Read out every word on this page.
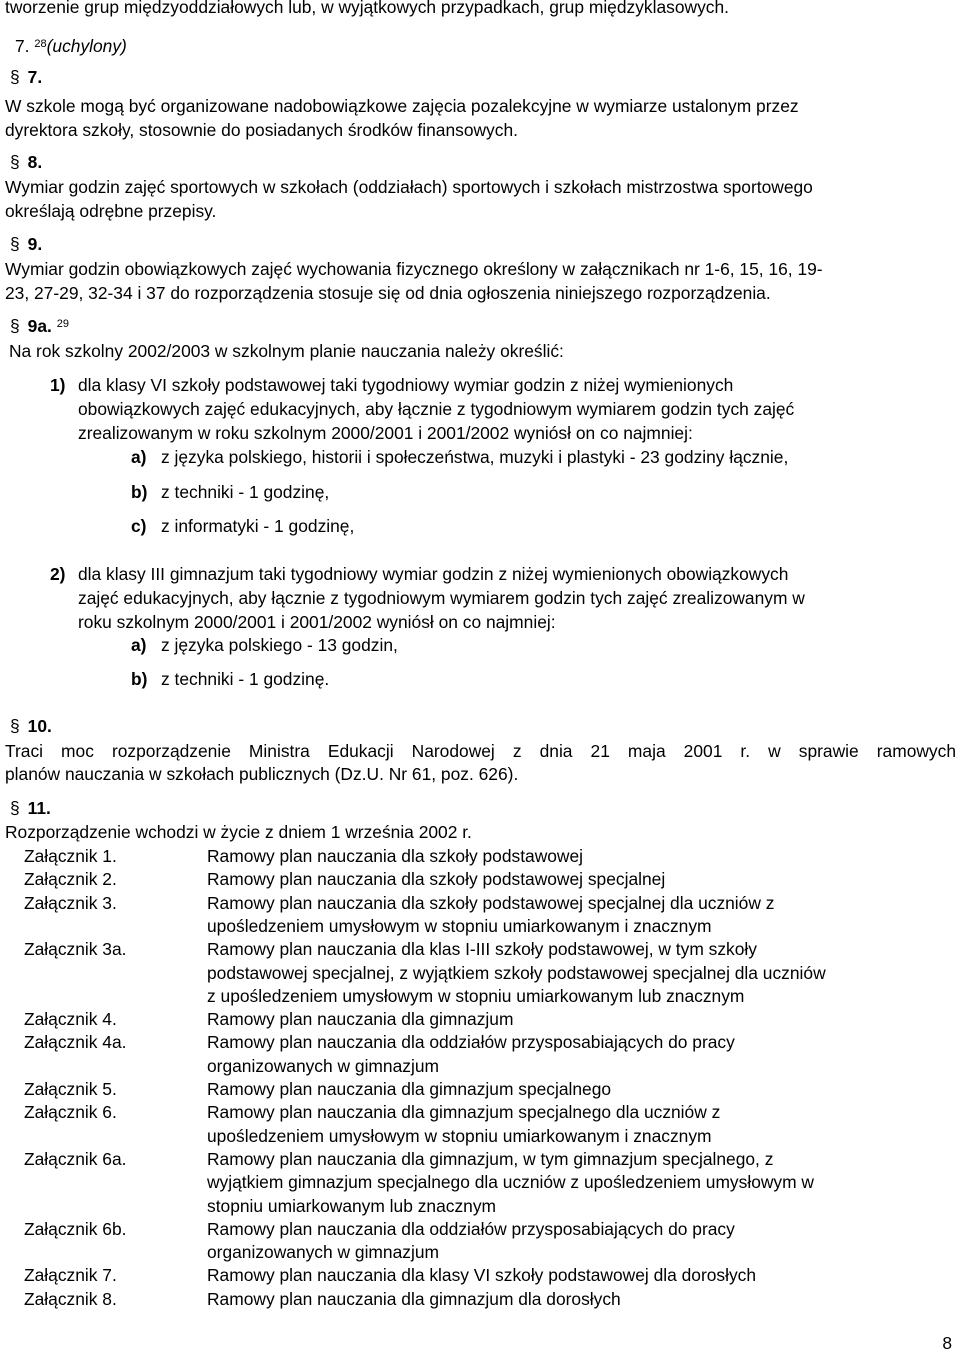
tworzenie grup międzyoddziałowych lub, w wyjątkowych przypadkach, grup międzyklasowych.
7. $^{28}$(uchylony)
§ 7.
W szkole mogą być organizowane nadobowiązkowe zajęcia pozalekcyjne w wymiarze ustalonym przez
dyrektora szkoły, stosownie do posiadanych środków finansowych.
§ 8.
Wymiar godzin zajęć sportowych w szkołach (oddziałach) sportowych i szkołach mistrzostwa sportowego
określają odrębne przepisy.
§ 9.
Wymiar godzin obowiązkowych zajęć wychowania fizycznego określony w załącznikach nr 1-6, 15, 16, 19-
23, 27-29, 32-34 i 37 do rozporządzenia stosuje się od dnia ogłoszenia niniejszego rozporządzenia.
§ 9a. $^{29}$
Na rok szkolny 2002/2003 w szkolnym planie nauczania należy określić:
1) dla klasy VI szkoły podstawowej taki tygodniowy wymiar godzin z niżej wymienionych
obowiązkowych zajęć edukacyjnych, aby łącznie z tygodniowym wymiarem godzin tych zajęć
zrealizowanym w roku szkolnym 2000/2001 i 2001/2002 wyniósł on co najmniej:
a) z języka polskiego, historii i społeczeństwa, muzyki i plastyki - 23 godziny łącznie,
b) z techniki - 1 godzinę,
c) z informatyki - 1 godzinę,
2) dla klasy III gimnazjum taki tygodniowy wymiar godzin z niżej wymienionych obowiązkowych
zajęć edukacyjnych, aby łącznie z tygodniowym wymiarem godzin tych zajęć zrealizowanym w
roku szkolnym 2000/2001 i 2001/2002 wyniósł on co najmniej:
a) z języka polskiego - 13 godzin,
b) z techniki - 1 godzinę.
§ 10.
Traci moc rozporządzenie Ministra Edukacji Narodowej z dnia 21 maja 2001 r. w sprawie ramowych
planów nauczania w szkołach publicznych (Dz.U. Nr 61, poz. 626).
§ 11.
Rozporządzenie wchodzi w życie z dniem 1 września 2002 r.
Załącznik 1.	Ramowy plan nauczania dla szkoły podstawowej
Załącznik 2.	Ramowy plan nauczania dla szkoły podstawowej specjalnej
Załącznik 3.	Ramowy plan nauczania dla szkoły podstawowej specjalnej dla uczniów z
upośledzeniem umysłowym w stopniu umiarkowanym i znacznym
Załącznik 3a.	Ramowy plan nauczania dla klas I-III szkoły podstawowej, w tym szkoły
podstawowej specjalnej, z wyjątkiem szkoły podstawowej specjalnej dla uczniów
z upośledzeniem umysłowym w stopniu umiarkowanym lub znacznym
Załącznik 4.	Ramowy plan nauczania dla gimnazjum
Załącznik 4a.	Ramowy plan nauczania dla oddziałów przysposabiających do pracy
organizowanych w gimnazjum
Załącznik 5.	Ramowy plan nauczania dla gimnazjum specjalnego
Załącznik 6.	Ramowy plan nauczania dla gimnazjum specjalnego dla uczniów z
upośledzeniem umysłowym w stopniu umiarkowanym i znacznym
Załącznik 6a.	Ramowy plan nauczania dla gimnazjum, w tym gimnazjum specjalnego, z
wyjątkiem gimnazjum specjalnego dla uczniów z upośledzeniem umysłowym w
stopniu umiarkowanym lub znacznym
Załącznik 6b.	Ramowy plan nauczania dla oddziałów przysposabiających do pracy
organizowanych w gimnazjum
Załącznik 7.	Ramowy plan nauczania dla klasy VI szkoły podstawowej dla dorosłych
Załącznik 8.	Ramowy plan nauczania dla gimnazjum dla dorosłych
8
